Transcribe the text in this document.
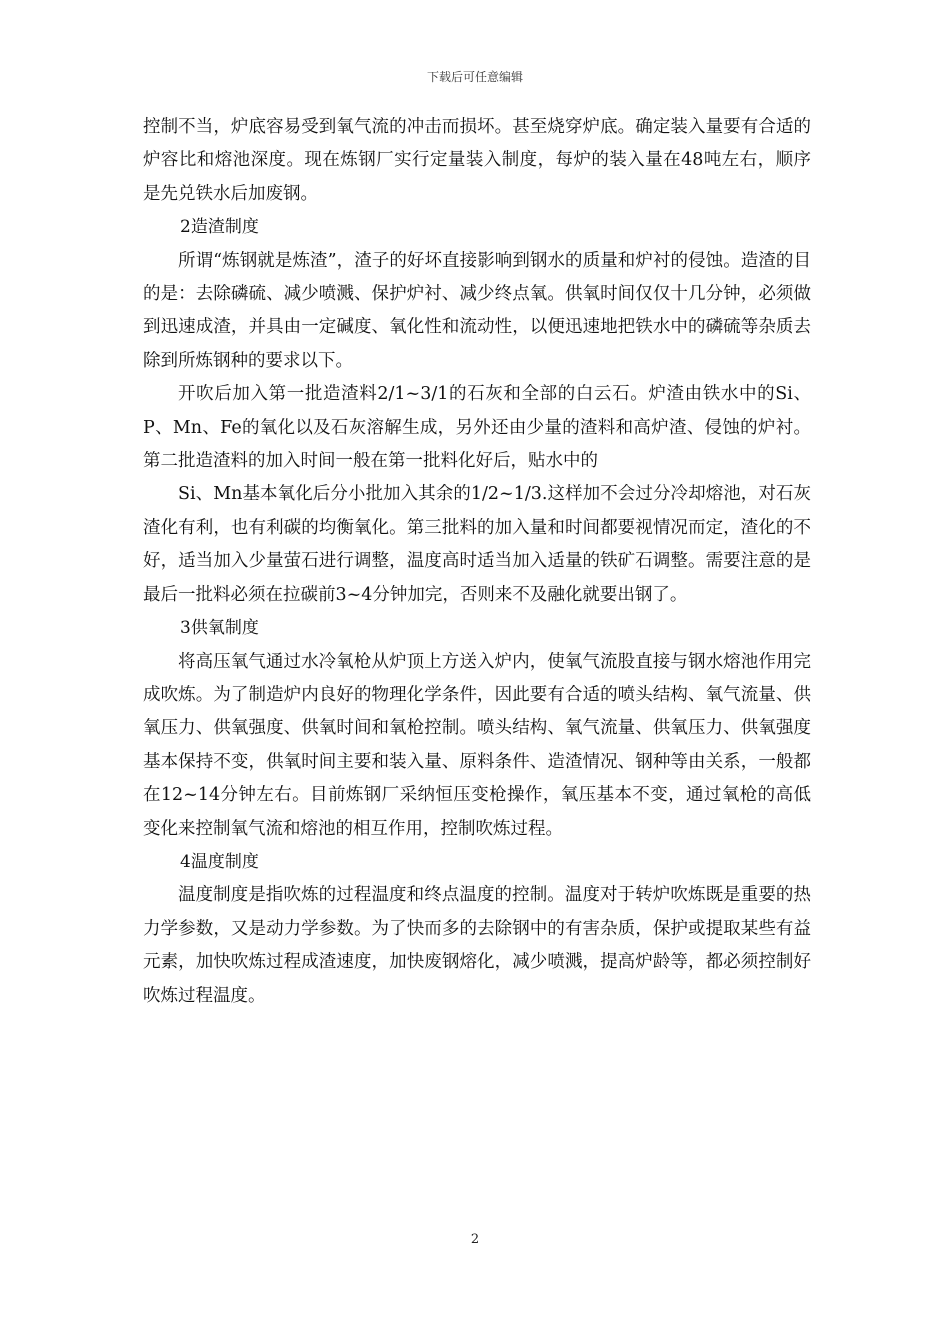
下载后可任意编辑

控制不当，炉底容易受到氧气流的冲击而损坏。甚至烧穿炉底。确定装入量要有合适的炉容比和熔池深度。现在炼钢厂实行定量装入制度，每炉的装入量在48吨左右，顺序是先兑铁水后加废钢。

2造渣制度

所谓“炼钢就是炼渣”，渣子的好坏直接影响到钢水的质量和炉衬的侵蚀。造渣的目的是：去除磷硫、减少喷溅、保护炉衬、减少终点氧。供氧时间仅仅十几分钟，必须做到迅速成渣，并具由一定碱度、氧化性和流动性，以便迅速地把铁水中的磷硫等杂质去除到所炼钢种的要求以下。

开吹后加入第一批造渣料2/1~3/1的石灰和全部的白云石。炉渣由铁水中的Si、P、Mn、Fe的氧化以及石灰溶解生成，另外还由少量的渣料和高炉渣、侵蚀的炉衬。第二批造渣料的加入时间一般在第一批料化好后，贴水中的

Si、Mn基本氧化后分小批加入其余的1/2~1/3.这样加不会过分冷却熔池，对石灰渣化有利，也有利碳的均衡氧化。第三批料的加入量和时间都要视情况而定，渣化的不好，适当加入少量萤石进行调整，温度高时适当加入适量的铁矿石调整。需要注意的是最后一批料必须在拉碳前3~4分钟加完，否则来不及融化就要出钢了。

3供氧制度

将高压氧气通过水冷氧枪从炉顶上方送入炉内，使氧气流股直接与钢水熔池作用完成吹炼。为了制造炉内良好的物理化学条件，因此要有合适的喷头结构、氧气流量、供氧压力、供氧强度、供氧时间和氧枪控制。喷头结构、氧气流量、供氧压力、供氧强度基本保持不变，供氧时间主要和装入量、原料条件、造渣情况、钢种等由关系，一般都在12~14分钟左右。目前炼钢厂采纳恒压变枪操作，氧压基本不变，通过氧枪的高低变化来控制氧气流和熔池的相互作用，控制吹炼过程。

4温度制度

温度制度是指吹炼的过程温度和终点温度的控制。温度对于转炉吹炼既是重要的热力学参数，又是动力学参数。为了快而多的去除钢中的有害杂质，保护或提取某些有益元素，加快吹炼过程成渣速度，加快废钢熔化，减少喷溅，提高炉龄等，都必须控制好吹炼过程温度。

2
